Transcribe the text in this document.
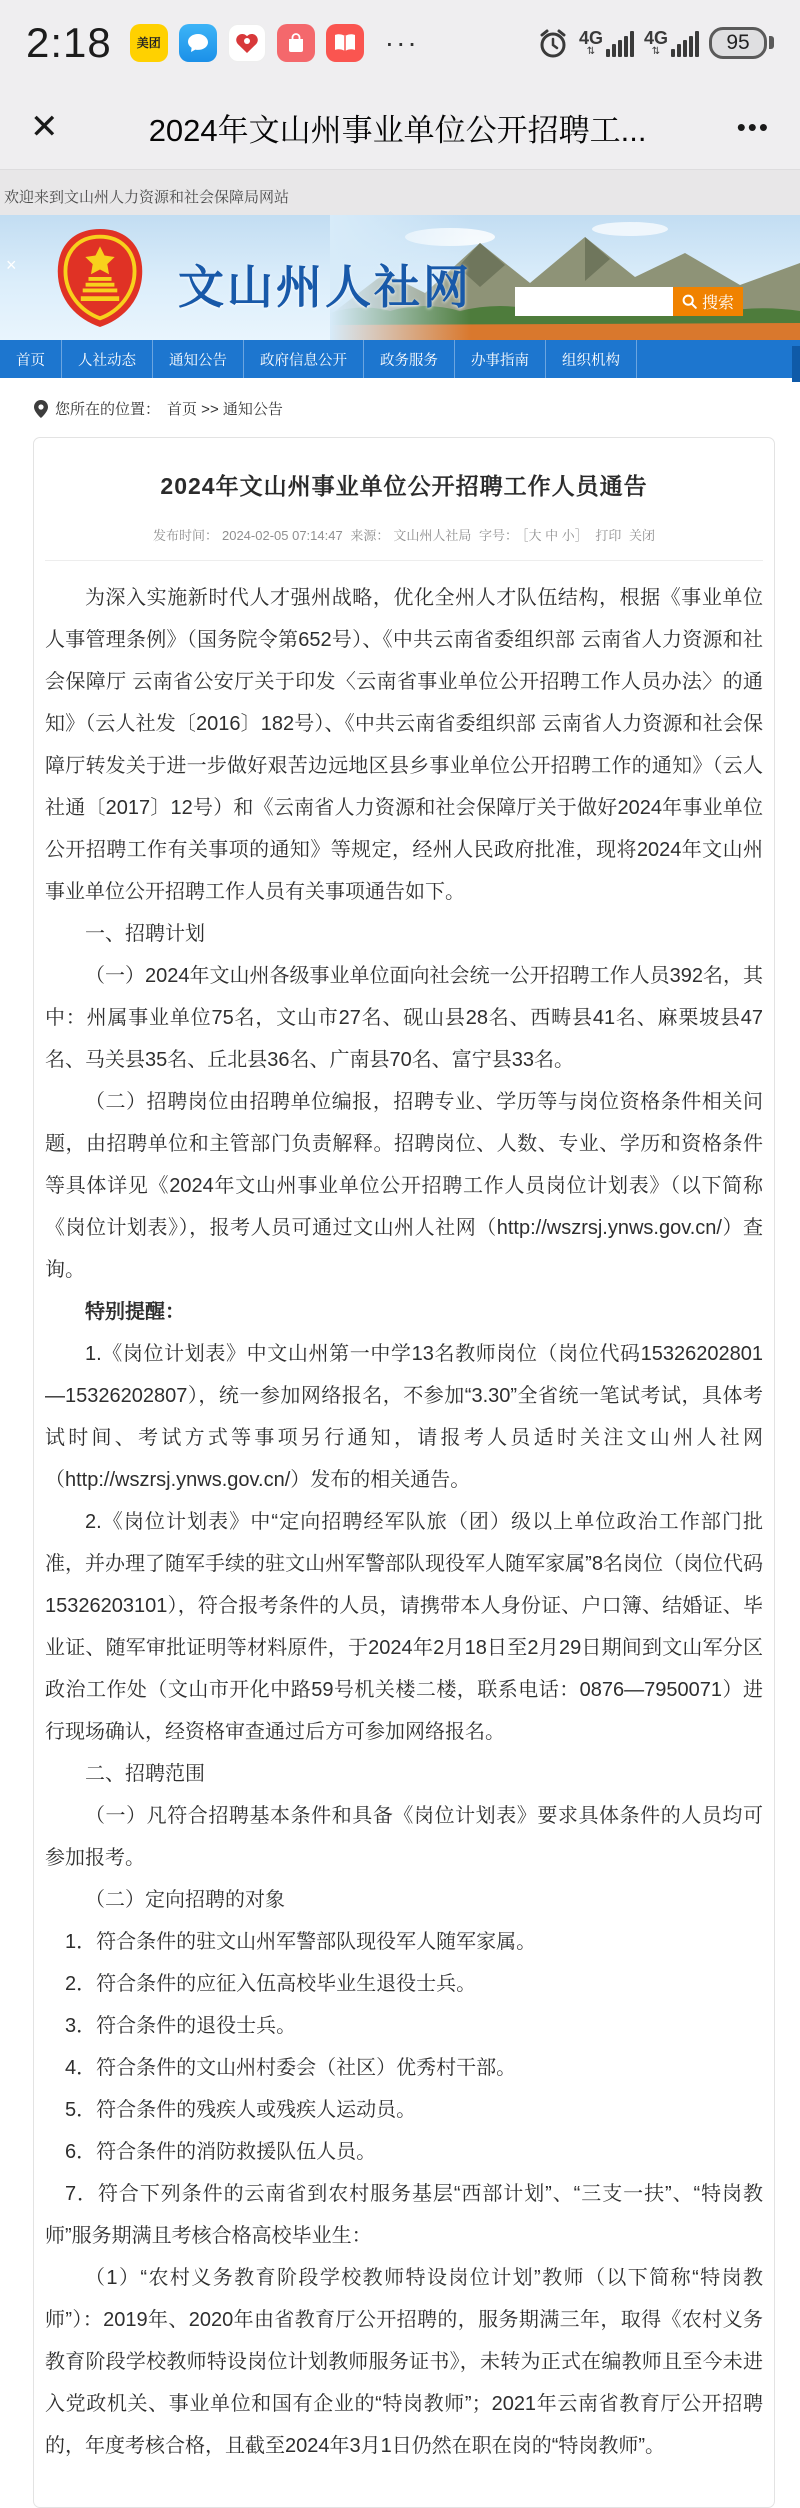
2:18 美团	···	4G
⇅
4G
⇅	95
✕	2024年文山州事业单位公开招聘工...	•••
欢迎来到文山州人力资源和社会保障局网站
×	文山州人社网	搜索
首页	人社动态	通知公告	政府信息公开	政务服务	办事指南	组织机构
您所在的位置： 首页 >> 通知公告
2024年文山州事业单位公开招聘工作人员通告
发布时间： 2024-02-05 07:14:47 来源： 文山州人社局 字号： ［大 中 小］ 打印 关闭

为深入实施新时代人才强州战略，优化全州人才队伍结构，根据《事业单位人事管理条例》（国务院令第652号）、《中共云南省委组织部 云南省人力资源和社会保障厅 云南省公安厅关于印发〈云南省事业单位公开招聘工作人员办法〉的通知》（云人社发〔2016〕182号）、《中共云南省委组织部 云南省人力资源和社会保障厅转发关于进一步做好艰苦边远地区县乡事业单位公开招聘工作的通知》（云人社通〔2017〕12号）和《云南省人力资源和社会保障厅关于做好2024年事业单位公开招聘工作有关事项的通知》等规定，经州人民政府批准，现将2024年文山州事业单位公开招聘工作人员有关事项通告如下。

一、招聘计划

（一）2024年文山州各级事业单位面向社会统一公开招聘工作人员392名，其中：州属事业单位75名，文山市27名、砚山县28名、西畴县41名、麻栗坡县47名、马关县35名、丘北县36名、广南县70名、富宁县33名。

（二）招聘岗位由招聘单位编报，招聘专业、学历等与岗位资格条件相关问题，由招聘单位和主管部门负责解释。招聘岗位、人数、专业、学历和资格条件等具体详见《2024年文山州事业单位公开招聘工作人员岗位计划表》（以下简称《岗位计划表》），报考人员可通过文山州人社网（http://wszrsj.ynws.gov.cn/）查询。

特别提醒：

1.《岗位计划表》中文山州第一中学13名教师岗位（岗位代码15326202801—15326202807），统一参加网络报名，不参加“3.30”全省统一笔试考试，具体考试时间、考试方式等事项另行通知，请报考人员适时关注文山州人社网（http://wszrsj.ynws.gov.cn/）发布的相关通告。

2.《岗位计划表》中“定向招聘经军队旅（团）级以上单位政治工作部门批准，并办理了随军手续的驻文山州军警部队现役军人随军家属”8名岗位（岗位代码15326203101），符合报考条件的人员，请携带本人身份证、户口簿、结婚证、毕业证、随军审批证明等材料原件，于2024年2月18日至2月29日期间到文山军分区政治工作处（文山市开化中路59号机关楼二楼，联系电话：0876—7950071）进行现场确认，经资格审查通过后方可参加网络报名。

二、招聘范围

（一）凡符合招聘基本条件和具备《岗位计划表》要求具体条件的人员均可参加报考。

（二）定向招聘的对象

1．符合条件的驻文山州军警部队现役军人随军家属。

2．符合条件的应征入伍高校毕业生退役士兵。

3．符合条件的退役士兵。

4．符合条件的文山州村委会（社区）优秀村干部。

5．符合条件的残疾人或残疾人运动员。

6．符合条件的消防救援队伍人员。

7．符合下列条件的云南省到农村服务基层“西部计划”、“三支一扶”、“特岗教师”服务期满且考核合格高校毕业生：

（1）“农村义务教育阶段学校教师特设岗位计划”教师（以下简称“特岗教师”）：2019年、2020年由省教育厅公开招聘的，服务期满三年，取得《农村义务教育阶段学校教师特设岗位计划教师服务证书》，未转为正式在编教师且至今未进入党政机关、事业单位和国有企业的“特岗教师”；2021年云南省教育厅公开招聘的，年度考核合格，且截至2024年3月1日仍然在职在岗的“特岗教师”。
